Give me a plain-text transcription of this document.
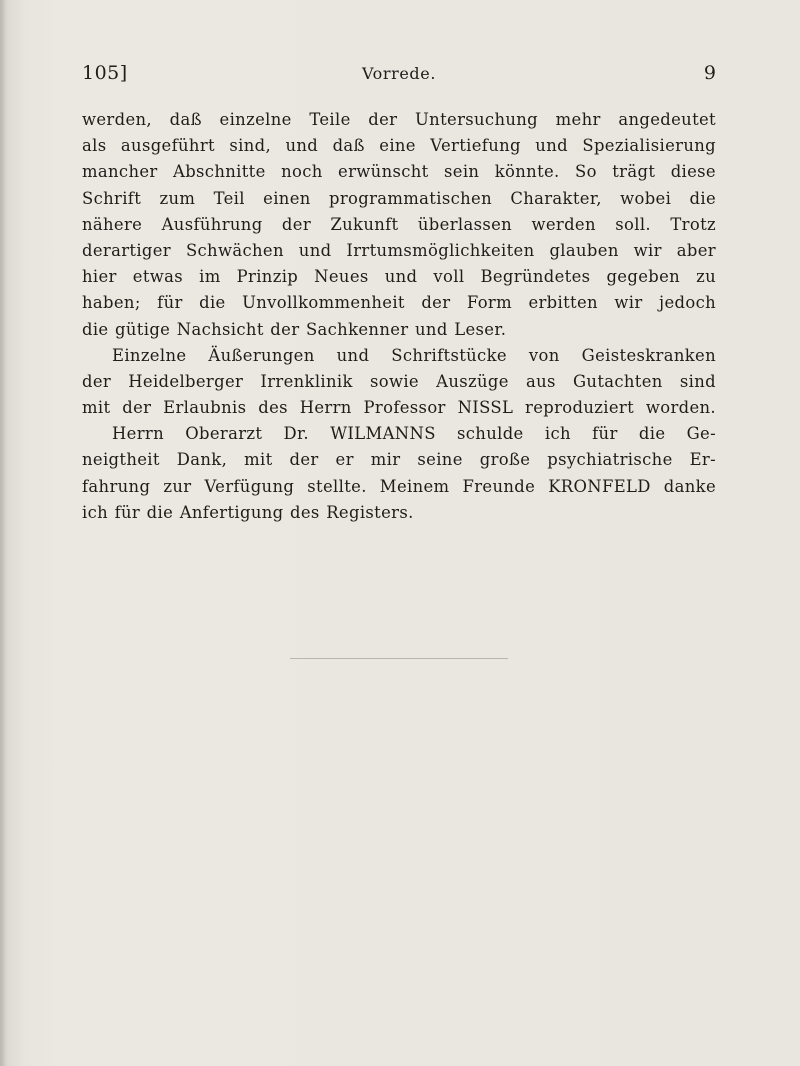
105]	Vorrede.	9
werden, daß einzelne Teile der Untersuchung mehr angedeutet
als ausgeführt sind, und daß eine Vertiefung und Spezialisierung
mancher Abschnitte noch erwünscht sein könnte. So trägt diese
Schrift zum Teil einen programmatischen Charakter, wobei die
nähere Ausführung der Zukunft überlassen werden soll. Trotz
derartiger Schwächen und Irrtumsmöglichkeiten glauben wir aber
hier etwas im Prinzip Neues und voll Begründetes gegeben zu
haben; für die Unvollkommenheit der Form erbitten wir jedoch
die gütige Nachsicht der Sachkenner und Leser.
Einzelne Äußerungen und Schriftstücke von Geisteskranken
der Heidelberger Irrenklinik sowie Auszüge aus Gutachten sind
mit der Erlaubnis des Herrn Professor NISSL reproduziert worden.
Herrn Oberarzt Dr. WILMANNS schulde ich für die Ge-
neigtheit Dank, mit der er mir seine große psychiatrische Er-
fahrung zur Verfügung stellte. Meinem Freunde KRONFELD danke
ich für die Anfertigung des Registers.
